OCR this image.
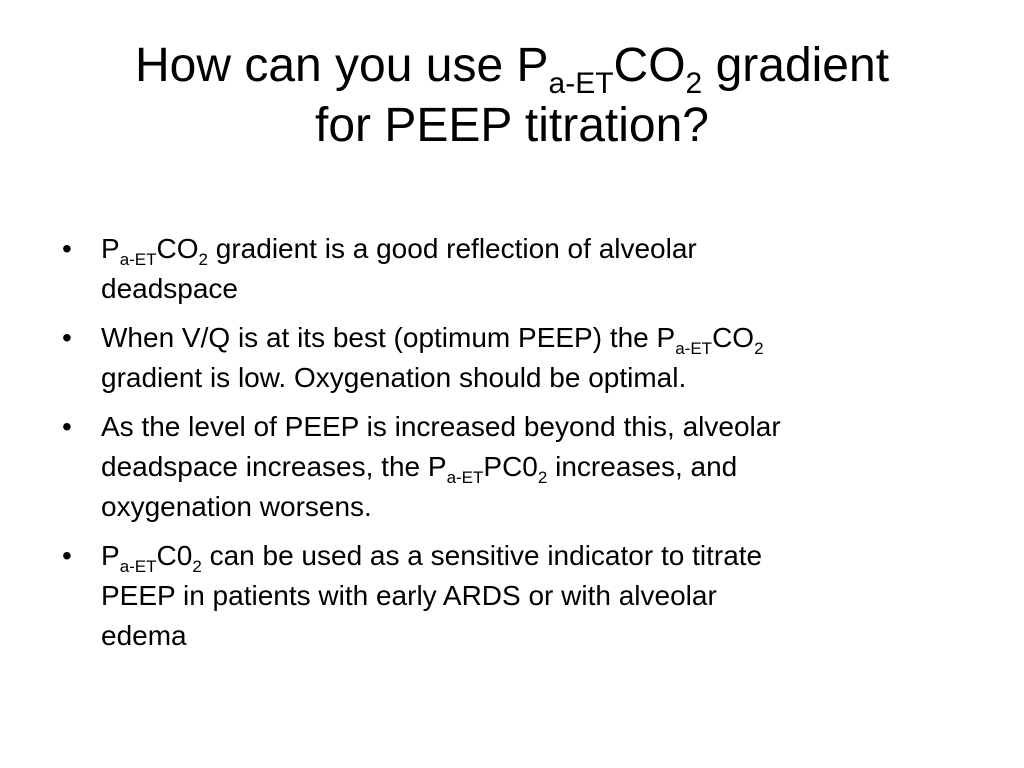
How can you use $P_{a-ET}CO_2$ gradient
for PEEP titration?
•	$P_{a-ET}CO_2$ gradient is a good reflection of alveolar
deadspace
•	When V/Q is at its best (optimum PEEP) the $P_{a-ET}CO_2$
gradient is low. Oxygenation should be optimal.
•	As the level of PEEP is increased beyond this, alveolar
deadspace increases, the $P_{a-ET}PC0_2$ increases, and
oxygenation worsens.
•	$P_{a-ET}C0_2$ can be used as a sensitive indicator to titrate
PEEP in patients with early ARDS or with alveolar
edema
